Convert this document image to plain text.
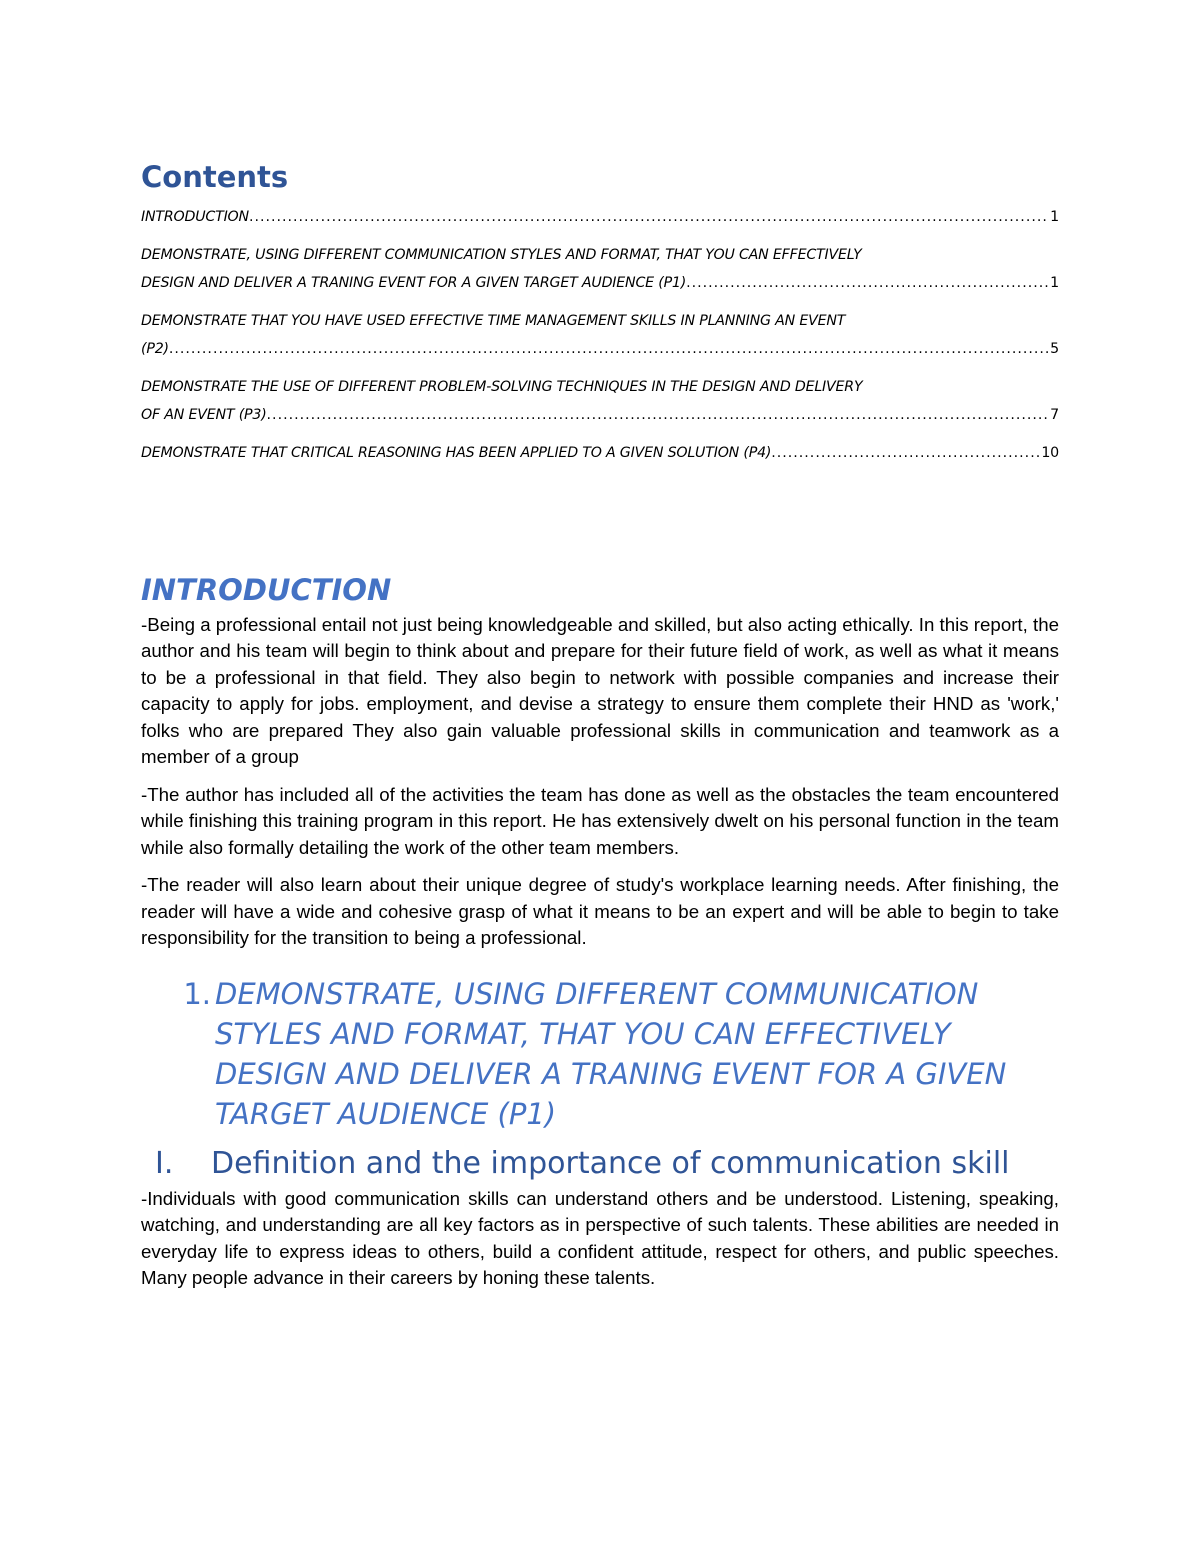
Contents
INTRODUCTION .....	1
DEMONSTRATE, USING DIFFERENT COMMUNICATION STYLES AND FORMAT, THAT YOU CAN EFFECTIVELY
DESIGN AND DELIVER A TRANING EVENT FOR A GIVEN TARGET AUDIENCE (P1) .....	1
DEMONSTRATE THAT YOU HAVE USED EFFECTIVE TIME MANAGEMENT SKILLS IN PLANNING AN EVENT
(P2) .....	5
DEMONSTRATE THE USE OF DIFFERENT PROBLEM-SOLVING TECHNIQUES IN THE DESIGN AND DELIVERY
OF AN EVENT (P3) .....	7
DEMONSTRATE THAT CRITICAL REASONING HAS BEEN APPLIED TO A GIVEN SOLUTION (P4) .....	10
INTRODUCTION

-Being a professional entail not just being knowledgeable and skilled, but also acting ethically. In this report, the author and his team will begin to think about and prepare for their future field of work, as well as what it means to be a professional in that field. They also begin to network with possible companies and increase their capacity to apply for jobs. employment, and devise a strategy to ensure them complete their HND as 'work,' folks who are prepared They also gain valuable professional skills in communication and teamwork as a member of a group

-The author has included all of the activities the team has done as well as the obstacles the team encountered while finishing this training program in this report. He has extensively dwelt on his personal function in the team while also formally detailing the work of the other team members.

-The reader will also learn about their unique degree of study's workplace learning needs. After finishing, the reader will have a wide and cohesive grasp of what it means to be an expert and will be able to begin to take responsibility for the transition to being a professional.

1. DEMONSTRATE, USING DIFFERENT COMMUNICATION STYLES AND FORMAT, THAT YOU CAN EFFECTIVELY DESIGN AND DELIVER A TRANING EVENT FOR A GIVEN TARGET AUDIENCE (P1)
I.	Definition and the importance of communication skill

-Individuals with good communication skills can understand others and be understood. Listening, speaking, watching, and understanding are all key factors as in perspective of such talents. These abilities are needed in everyday life to express ideas to others, build a confident attitude, respect for others, and public speeches. Many people advance in their careers by honing these talents.
